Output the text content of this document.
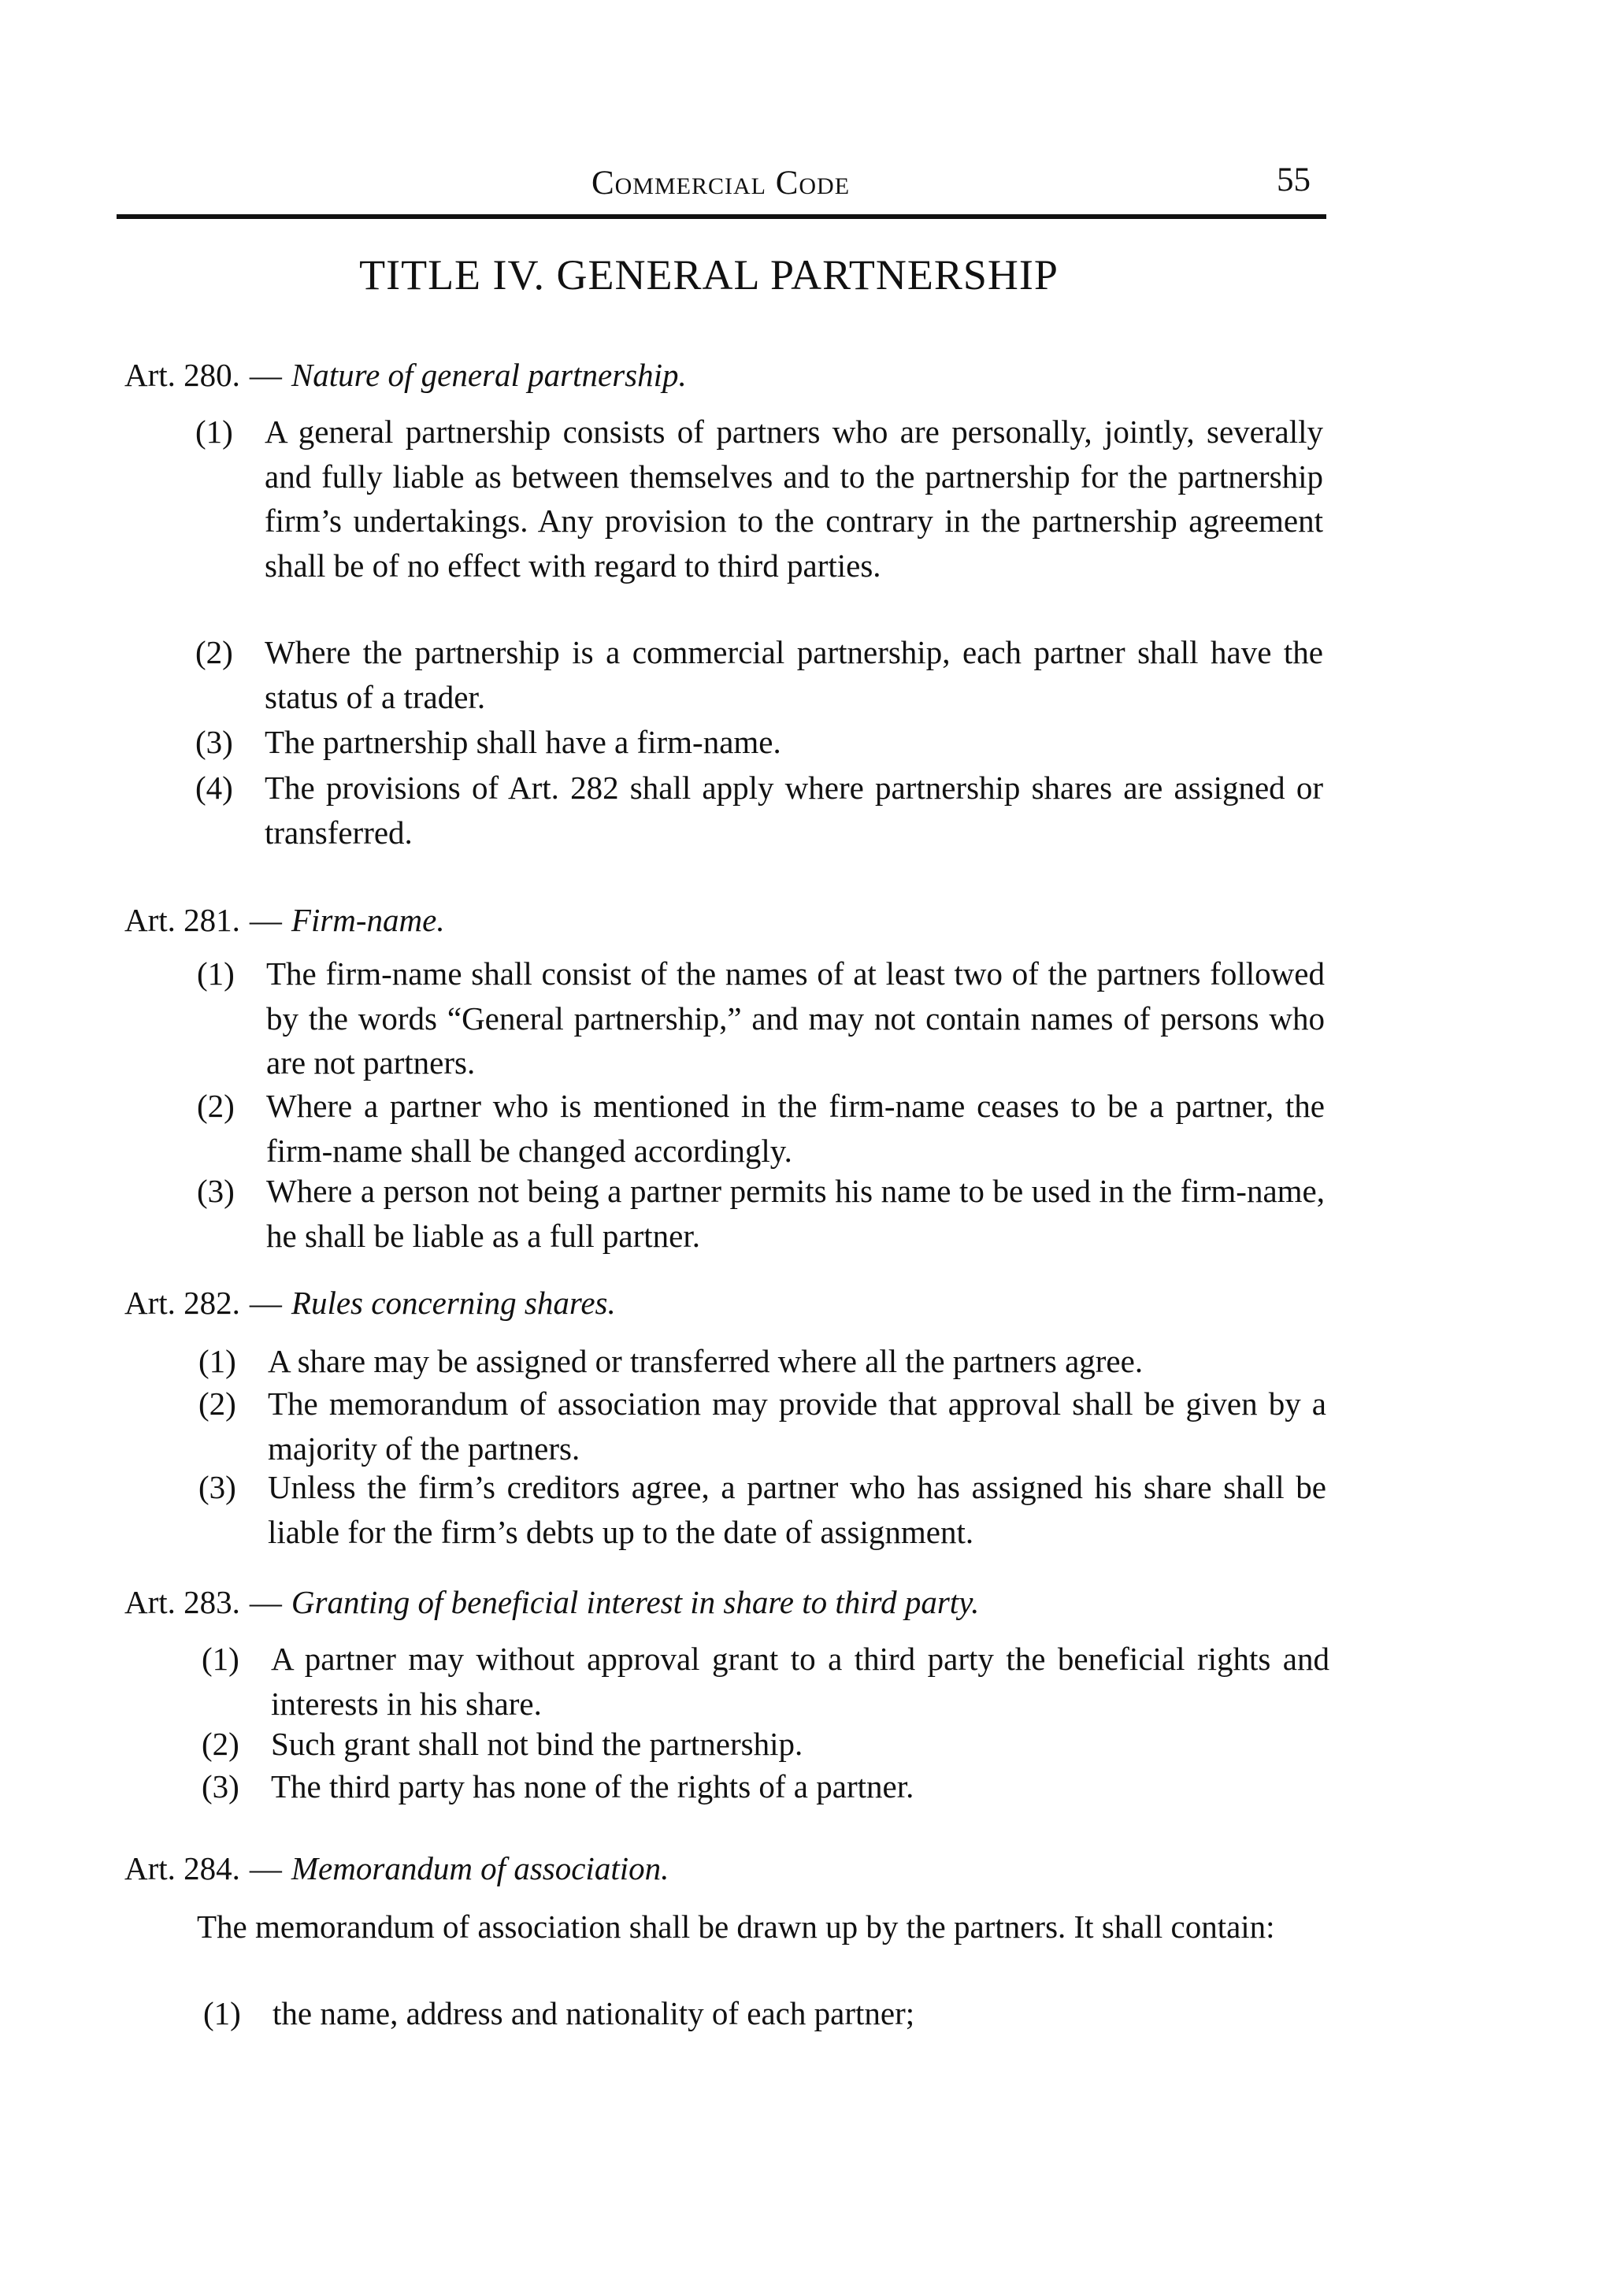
Commercial Code	55
TITLE IV. GENERAL PARTNERSHIP
Art. 280. — Nature of general partnership.
(1) A general partnership consists of partners who are personally, jointly, severally and fully liable as between themselves and to the partnership for the partnership firm’s undertakings. Any provision to the contrary in the partnership agreement shall be of no effect with regard to third parties.
(2) Where the partnership is a commercial partnership, each partner shall have the status of a trader.
(3) The partnership shall have a firm-name.
(4) The provisions of Art. 282 shall apply where partnership shares are assigned or transferred.
Art. 281. — Firm-name.
(1) The firm-name shall consist of the names of at least two of the partners followed by the words “General partnership,” and may not contain names of persons who are not partners.
(2) Where a partner who is mentioned in the firm-name ceases to be a partner, the firm-name shall be changed accordingly.
(3) Where a person not being a partner permits his name to be used in the firm-name, he shall be liable as a full partner.
Art. 282. — Rules concerning shares.
(1) A share may be assigned or transferred where all the partners agree.
(2) The memorandum of association may provide that approval shall be given by a majority of the partners.
(3) Unless the firm’s creditors agree, a partner who has assigned his share shall be liable for the firm’s debts up to the date of assignment.
Art. 283. — Granting of beneficial interest in share to third party.
(1) A partner may without approval grant to a third party the beneficial rights and interests in his share.
(2) Such grant shall not bind the partnership.
(3) The third party has none of the rights of a partner.
Art. 284. — Memorandum of association.
The memorandum of association shall be drawn up by the partners. It shall contain:
(1) the name, address and nationality of each partner;
